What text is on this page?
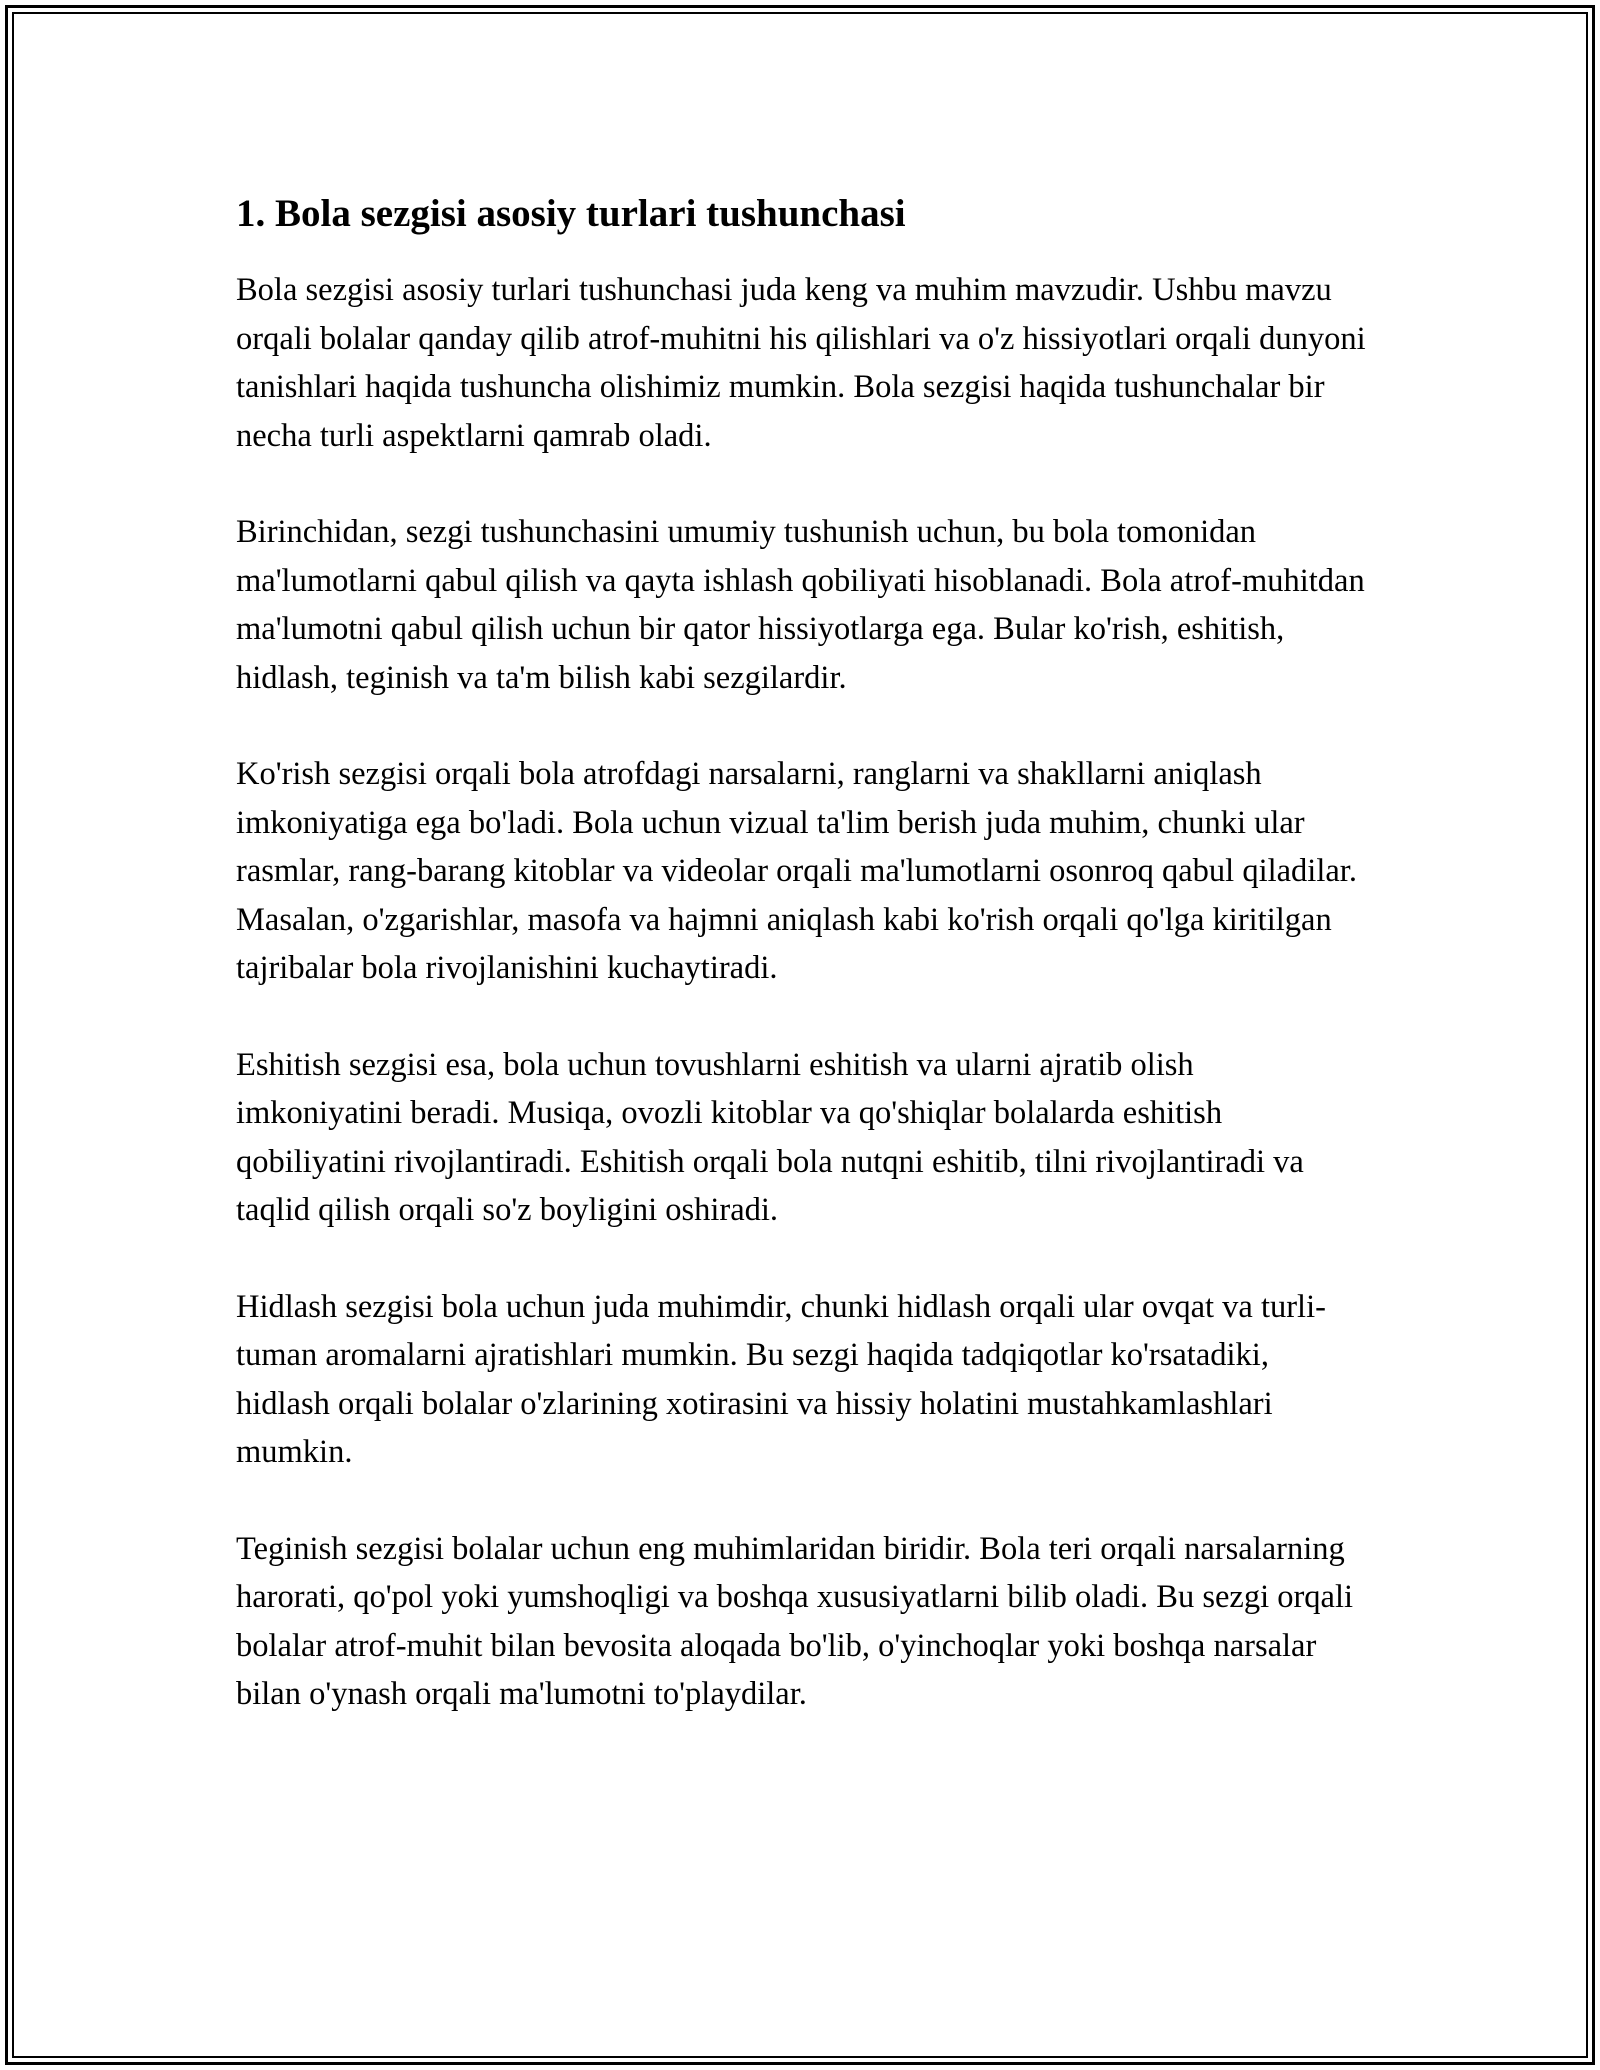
1. Bola sezgisi asosiy turlari tushunchasi

Bola sezgisi asosiy turlari tushunchasi juda keng va muhim mavzudir. Ushbu mavzu orqali bolalar qanday qilib atrof-muhitni his qilishlari va o'z hissiyotlari orqali dunyoni tanishlari haqida tushuncha olishimiz mumkin. Bola sezgisi haqida tushunchalar bir necha turli aspektlarni qamrab oladi.

Birinchidan, sezgi tushunchasini umumiy tushunish uchun, bu bola tomonidan ma'lumotlarni qabul qilish va qayta ishlash qobiliyati hisoblanadi. Bola atrof-muhitdan ma'lumotni qabul qilish uchun bir qator hissiyotlarga ega. Bular ko'rish, eshitish, hidlash, teginish va ta'm bilish kabi sezgilardir.

Ko'rish sezgisi orqali bola atrofdagi narsalarni, ranglarni va shakllarni aniqlash imkoniyatiga ega bo'ladi. Bola uchun vizual ta'lim berish juda muhim, chunki ular rasmlar, rang-barang kitoblar va videolar orqali ma'lumotlarni osonroq qabul qiladilar. Masalan, o'zgarishlar, masofa va hajmni aniqlash kabi ko'rish orqali qo'lga kiritilgan tajribalar bola rivojlanishini kuchaytiradi.

Eshitish sezgisi esa, bola uchun tovushlarni eshitish va ularni ajratib olish imkoniyatini beradi. Musiqa, ovozli kitoblar va qo'shiqlar bolalarda eshitish qobiliyatini rivojlantiradi. Eshitish orqali bola nutqni eshitib, tilni rivojlantiradi va taqlid qilish orqali so'z boyligini oshiradi.

Hidlash sezgisi bola uchun juda muhimdir, chunki hidlash orqali ular ovqat va turli-tuman aromalarni ajratishlari mumkin. Bu sezgi haqida tadqiqotlar ko'rsatadiki, hidlash orqali bolalar o'zlarining xotirasini va hissiy holatini mustahkamlashlari mumkin.

Teginish sezgisi bolalar uchun eng muhimlaridan biridir. Bola teri orqali narsalarning harorati, qo'pol yoki yumshoqligi va boshqa xususiyatlarni bilib oladi. Bu sezgi orqali bolalar atrof-muhit bilan bevosita aloqada bo'lib, o'yinchoqlar yoki boshqa narsalar bilan o'ynash orqali ma'lumotni to'playdilar.
